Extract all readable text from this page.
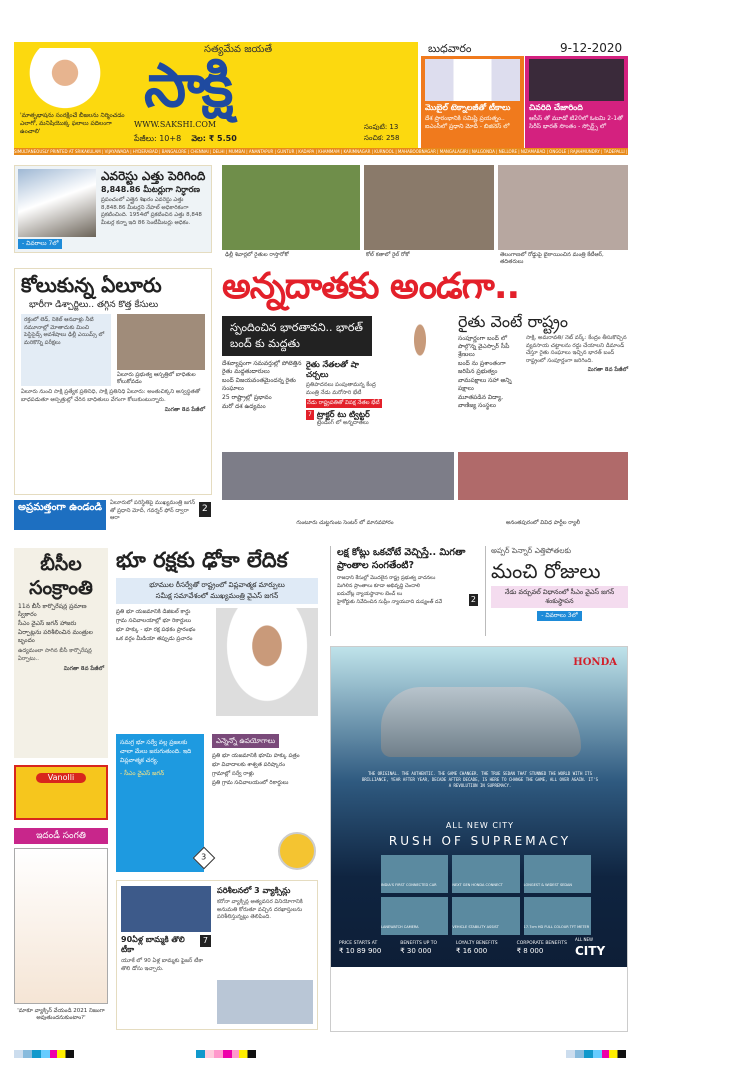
'మాతృభాషను సంరక్షించే బీజలను నిర్మించడం ఎలాగో, మనిషియొక్క ఫలాలు పదిలంగా ఉంచాలి'
సత్యమేవ జయతే
సాక్షి
WWW.SAKSHI.COM
పేజీలు: 10+8 వెల: ₹ 5.50
సంపుటి: 13
సంచిక: 258
బుధవారం	9-12-2020
మొబైల్ టెక్నాలజీతో టీకాలు
దేశ ప్రారంభానికి సమిష్టి ప్రయత్నం.. ఐఎంసీలో ప్రధాని మోదీ - బిజినెస్ లో
చివరిది చేజారింది
ఆసీస్ తో మూడో టి20లో ఓటమి 2-1తో సిరీస్ భారత్ సొంతం - స్పోర్ట్స్ లో
SIMULTANEOUSLY PRINTED AT SRIKAKULAM | VIJAYAWADA | HYDERABAD | BANGALORE | CHENNAI | DELHI | MUMBAI | ANANTAPUR | GUNTUR | KADAPA | KHAMMAM | KARIMNAGAR | KURNOOL | MAHABOOBNAGAR | MANGALAGIRI | NALGONDA | NELLORE | NIZAMABAD | ONGOLE | RAJAHMUNDRY | TADEPALLI | SIDDIPET | TIRUPATHI | VISAKHAPATNAM | WARANGAL
- వివరాలు 7లో
ఎవరెస్టు ఎత్తు పెరిగింది
8,848.86 మీటర్లుగా నిర్ధారణ
ప్రపంచంలో ఎత్తైన శిఖరం ఎవరెస్టు ఎత్తు 8,848.86 మీటర్లని నేపాల్ అధికారికంగా ప్రకటించింది. 1954లో ప్రకటించిన ఎత్తు 8,848 మీటర్ల కన్నా ఇది 86 సెంటీమీటర్లు అధికం.
ఢిల్లీ శివార్లలో రైతుల రాస్తారోకో	కోల్ కతాలో రైల్ రోకో	తెలంగాణలో రోడ్డుపై బైఠాయించిన మంత్రి కేటీఆర్, తదితరులు
కోలుకున్న ఏలూరు
భారీగా డిశ్చార్జిలు.. తగ్గిన కొత్త కేసులు
రక్తంలో లెడ్, నికెల్ ఆనవాళ్లు నీటి నమూనాల్లో మోతాదుకు మించి పెస్టిసైడ్స్ అవశేషాలు ఢిల్లీ ఎయిమ్స్ లో మరికొన్ని పరీక్షలు
ఏలూరు ప్రభుత్వ ఆస్పత్రిలో బాధితుల కోలుకోవడం
ఏలూరు నుంచి సాక్షి ప్రత్యేక ప్రతినిధి, సాక్షి ప్రతినిధి ఏలూరు: అంతుచిక్కని అస్వస్థతతో బాధపడుతూ ఆస్పత్రుల్లో చేరిన బాధితులు వేగంగా కోలుకుంటున్నారు.
మిగతా 8వ పేజీలో
అప్రమత్తంగా ఉండండి	ఏలూరులో పరిస్థితిపై ముఖ్యమంత్రి జగన్ తో ప్రధాని మోదీ, గవర్నర్ ఫోన్ ద్వారా ఆరా
2
అన్నదాతకు అండగా..
స్పందించిన భారతావని.. భారత్ బంద్ కు మద్దతు
దేశవ్యాప్తంగా సమవర్తుల్లో పోటెత్తిన రైతు మద్దతుదారులు
బంద్ విజయవంతమైందన్న రైతు సంఘాలు
25 రాష్ట్రాల్లో ప్రభావం
మరో దశ ఉద్యమం
రైతు నేతలతో షా చర్చలు
ప్రతిపాదనలు పంపుతామన్న కేంద్ర మంత్రి నేడు మరోసారి భేటీ
నేడు రాష్ట్రపతితో విపక్ష నేతల భేటీ
7 ట్రాక్టర్ టు ట్విట్టర్
ట్రెండింగ్ లో అన్నదాతలు
రైతు వెంటే రాష్ట్రం
సంపూర్ణంగా బంద్ లో పాల్గొన్న వైఎస్సార్ సీపీ శ్రేణులు
బంద్ ను ప్రశాంతంగా జరిపిన ప్రభుత్వం
వామపక్షాలు సహా అన్ని పక్షాలు
మూతపడిన విద్యా, వాణిజ్య సంస్థలు
సాక్షి, అమరావతి/ నెట్ వర్క్: కేంద్రం తీసుకొచ్చిన వ్యవసాయ చట్టాలను రద్దు చేయాలని డిమాండ్ చేస్తూ రైతు సంఘాలు ఇచ్చిన భారత్ బంద్ రాష్ట్రంలో సంపూర్ణంగా జరిగింది.
మిగతా 8వ పేజీలో
గుంటూరు చుట్టగుంట సెంటర్ లో మానవహారం	అనంతపురంలో వివిధ పార్టీల ర్యాలీ
బీసీల సంక్రాంతి
11న బీసీ కార్పొరేషన్ల ప్రమాణ స్వీకారం
సీఎం వైఎస్ జగన్ హాజరు
ఏర్పాట్లను పరిశీలించిన మంత్రుల బృందం
ఉద్యమంలా సాగిన బీసీ కార్పొరేషన్ల ఏర్పాటు..
మిగతా 8వ పేజీలో
Vanolli
ఇదండీ సంగతి
'మాకూ వ్యాక్సిన్ వేయండి 2021 నిజంగా అవుతుందనుకుంటాం?'
భూ రక్షకు ఢోకా లేదిక
భూముల రీసర్వేతో రాష్ట్రంలో విప్లవాత్మక మార్పులు
సమీక్ష సమావేశంలో ముఖ్యమంత్రి వైఎస్ జగన్
ప్రతి భూ యజమానికి డిజిటల్ కార్డు
గ్రామ సచివాలయాల్లో భూ రికార్డులు
భూ హక్కు - భూ రక్ష పథకం ప్రారంభం
ఒక వర్గం మీడియా తప్పుడు ప్రచారం
సమగ్ర భూ సర్వే వల్ల ప్రజలకు చాలా మేలు జరుగుతుంది. ఇది విప్లవాత్మక చర్య.
- సీఎం వైఎస్ జగన్
3
ఎన్నెన్నో ఉపయోగాలు
ప్రతి భూ యజమానికి భూమి హక్కు పత్రం
భూ వివాదాలకు శాశ్వత పరిష్కారం
గ్రామాల్లో సర్వే రాళ్లు
ప్రతి గ్రామ సచివాలయంలో రికార్డులు
90ఏళ్ల బామ్మకి తొలి టీకా
7
యూకే లో 90 ఏళ్ల బామ్మకు ఫైజర్ టీకా తొలి డోసు ఇచ్చారు.
పరిశీలనలో 3 వ్యాక్సిన్లు
కరోనా వ్యాక్సిన్ల అత్యవసర వినియోగానికి అనుమతి కోరుతూ వచ్చిన దరఖాస్తులను పరిశీలిస్తున్నట్లు తెలిపింది.
లక్ష కోట్లు ఒకచోటే వెచ్చిస్తే.. మిగతా ప్రాంతాల సంగతేంటి?
రాజధాని కేసుల్లో మొదలైన రాష్ట్ర ప్రభుత్వ వాదనలు
మిగిలిన ప్రాంతాలు కూడా అభివృద్ధి చెందాలి
ఐదుచోట్ల న్యాయస్థానాల బెంచ్ లు
హైకోర్టుకు నివేదించిన సుప్రీం న్యాయవాది దుష్యంత్ దవే	2
అప్పర్ పెన్నార్ ఎత్తిపోతలకు
మంచి రోజులు
నేడు వర్చువల్ విధానంలో సీఎం వైఎస్ జగన్ శంకుస్థాపన
- వివరాలు 3లో
HONDA
THE ORIGINAL. THE AUTHENTIC. THE GAME CHANGER. THE TRUE SEDAN THAT STUNNED THE WORLD WITH ITS BRILLIANCE, YEAR AFTER YEAR, DECADE AFTER DECADE, IS HERE TO CHANGE THE GAME, ALL OVER AGAIN. IT'S A REVOLUTION IN SUPREMACY.
ALL NEW CITY
RUSH OF SUPREMACY
INDIA'S FIRST CONNECTED CAR	NEXT GEN HONDA CONNECT	LONGEST & WIDEST SEDAN
LANEWATCH CAMERA	VEHICLE STABILITY ASSIST	17.7cm HD FULL COLOUR TFT METER
PRICE STARTS AT
₹ 10 89 900
BENEFITS UP TO
₹ 30 000
LOYALTY BENEFITS
₹ 16 000
CORPORATE BENEFITS
₹ 8 000
ALL NEW
CITY
